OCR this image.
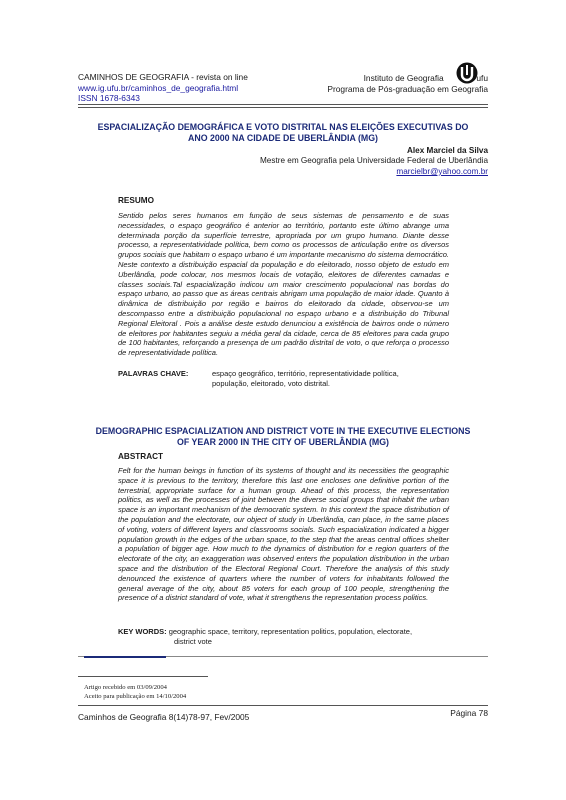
CAMINHOS DE GEOGRAFIA - revista on line
www.ig.ufu.br/caminhos_de_geografia.html
ISSN 1678-6343
Instituto de Geografia	ufu
Programa de Pós-graduação em Geografia
ESPACIALIZAÇÃO DEMOGRÁFICA E VOTO DISTRITAL NAS ELEIÇÕES EXECUTIVAS DO
ANO 2000 NA CIDADE DE UBERLÂNDIA (MG)
Alex Marciel da Silva
Mestre em Geografia pela Universidade Federal de Uberlândia
marcielbr@yahoo.com.br
RESUMO
Sentido pelos seres humanos em função de seus sistemas de pensamento e de suas necessidades, o espaço geográfico é anterior ao território, portanto este último abrange uma determinada porção da superfície terrestre, apropriada por um grupo humano. Diante desse processo, a representatividade política, bem como os processos de articulação entre os diversos grupos sociais que habitam o espaço urbano é um importante mecanismo do sistema democrático. Neste contexto a distribuição espacial da população e do eleitorado, nosso objeto de estudo em Uberlândia, pode colocar, nos mesmos locais de votação, eleitores de diferentes camadas e classes sociais.Tal espacialização indicou um maior crescimento populacional nas bordas do espaço urbano, ao passo que as áreas centrais abrigam uma população de maior idade. Quanto à dinâmica de distribuição por região e bairros do eleitorado da cidade, observou-se um descompasso entre a distribuição populacional no espaço urbano e a distribuição do Tribunal Regional Eleitoral . Pois a análise deste estudo denunciou a existência de bairros onde o número de eleitores por habitantes seguiu a média geral da cidade, cerca de 85 eleitores para cada grupo de 100 habitantes, reforçando a presença de um padrão distrital de voto, o que reforça o processo de representatividade política.
PALAVRAS CHAVE:	espaço geográfico, território, representatividade política,
população, eleitorado, voto distrital.
DEMOGRAPHIC ESPACIALIZATION AND DISTRICT VOTE IN THE EXECUTIVE ELECTIONS
OF YEAR 2000 IN THE CITY OF UBERLÂNDIA (MG)
ABSTRACT
Felt for the human beings in function of its systems of thought and its necessities the geographic space it is previous to the territory, therefore this last one encloses one definitive portion of the terrestrial, appropriate surface for a human group. Ahead of this process, the representation politics, as well as the processes of joint between the diverse social groups that inhabit the urban space is an important mechanism of the democratic system. In this context the space distribution of the population and the electorate, our object of study in Uberlândia, can place, in the same places of voting, voters of different layers and classrooms socials. Such espacialization indicated a bigger population growth in the edges of the urban space, to the step that the areas central offices shelter a population of bigger age. How much to the dynamics of distribution for e region quarters of the electorate of the city, an exaggeration was observed enters the population distribution in the urban space and the distribution of the Electoral Regional Court. Therefore the analysis of this study denounced the existence of quarters where the number of voters for inhabitants followed the general average of the city, about 85 voters for each group of 100 people, strengthening the presence of a district standard of vote, what it strengthens the representation process politics.
KEY WORDS: geographic space, territory, representation politics, population, electorate,
district vote
Artigo recebido em 03/09/2004
Aceito para publicação em 14/10/2004
Caminhos de Geografia 8(14)78-97, Fev/2005	Página 78
